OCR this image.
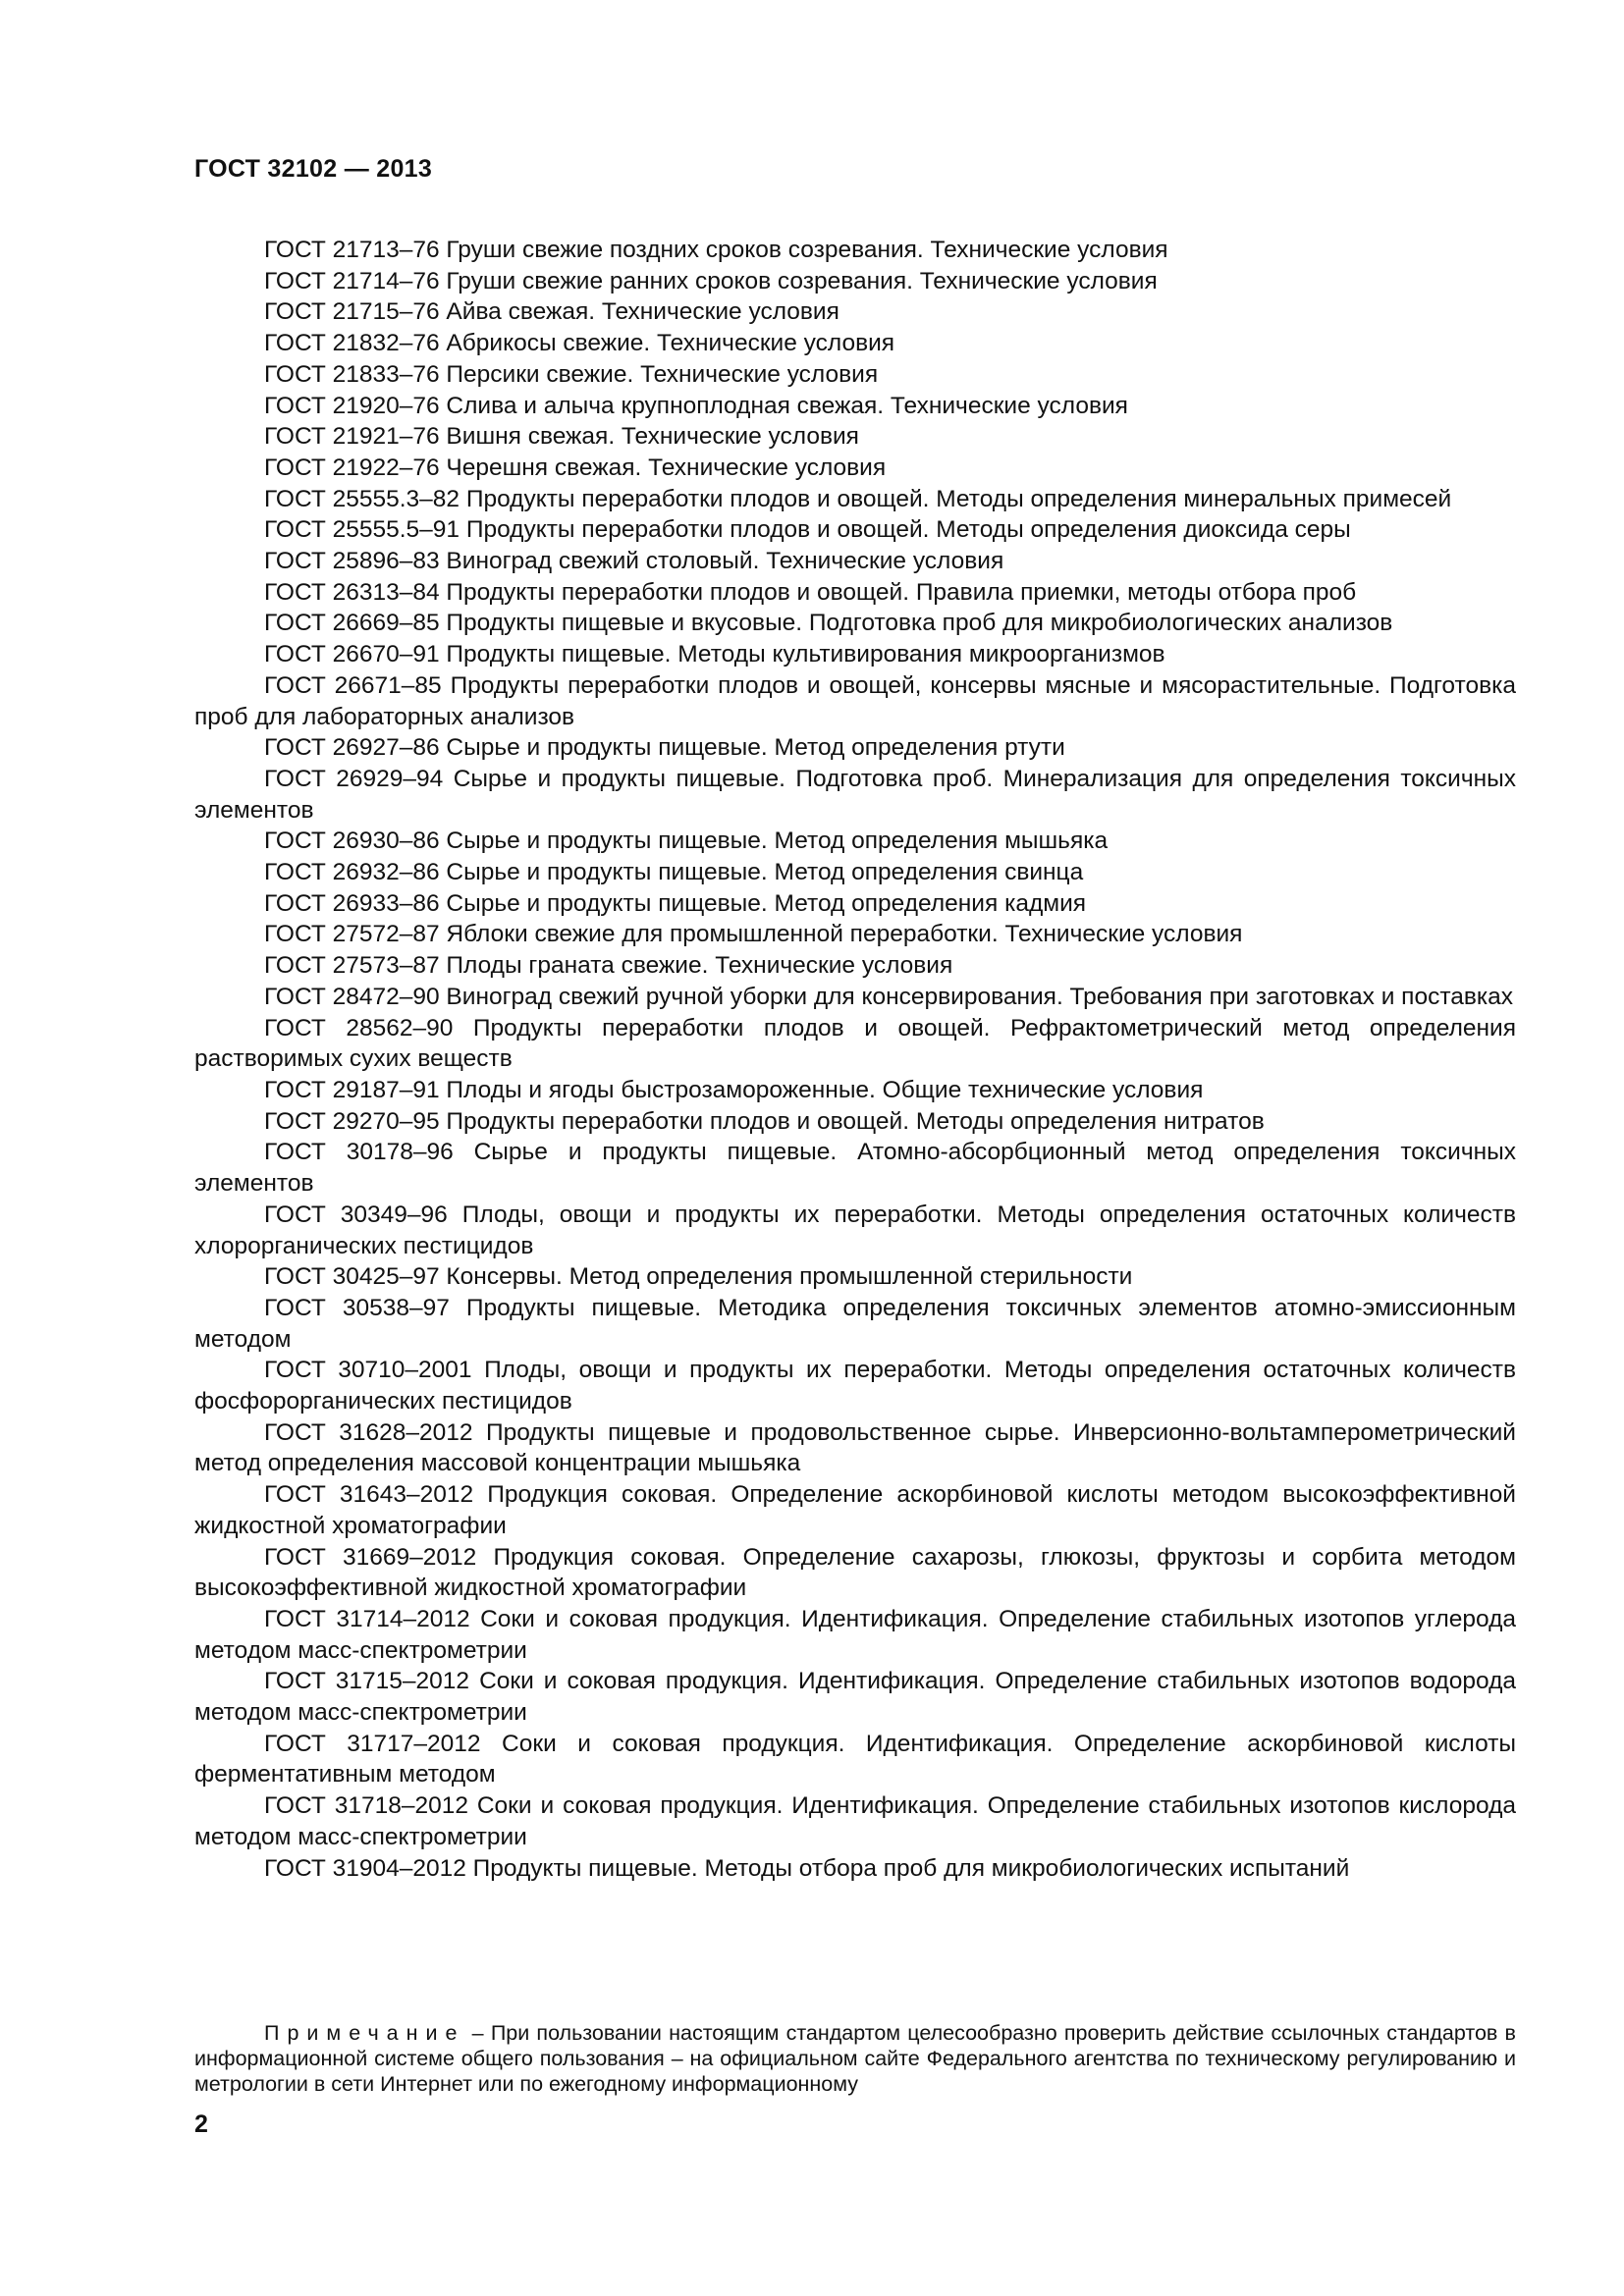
ГОСТ 32102 — 2013

ГОСТ 21713–76 Груши свежие поздних сроков созревания. Технические условия

ГОСТ 21714–76 Груши свежие ранних сроков созревания. Технические условия

ГОСТ 21715–76 Айва свежая. Технические условия

ГОСТ 21832–76 Абрикосы свежие. Технические условия

ГОСТ 21833–76 Персики свежие. Технические условия

ГОСТ 21920–76 Слива и алыча крупноплодная свежая. Технические условия

ГОСТ 21921–76 Вишня свежая. Технические условия

ГОСТ 21922–76 Черешня свежая. Технические условия

ГОСТ 25555.3–82 Продукты переработки плодов и овощей. Методы определения минеральных примесей

ГОСТ 25555.5–91 Продукты переработки плодов и овощей. Методы определения диоксида серы

ГОСТ 25896–83 Виноград свежий столовый. Технические условия

ГОСТ 26313–84 Продукты переработки плодов и овощей. Правила приемки, методы отбора проб

ГОСТ 26669–85 Продукты пищевые и вкусовые. Подготовка проб для микробиологических анализов

ГОСТ 26670–91 Продукты пищевые. Методы культивирования микроорганизмов

ГОСТ 26671–85 Продукты переработки плодов и овощей, консервы мясные и мясорастительные. Подготовка проб для лабораторных анализов

ГОСТ 26927–86 Сырье и продукты пищевые. Метод определения ртути

ГОСТ 26929–94 Сырье и продукты пищевые. Подготовка проб. Минерализация для определения токсичных элементов

ГОСТ 26930–86 Сырье и продукты пищевые. Метод определения мышьяка

ГОСТ 26932–86 Сырье и продукты пищевые. Метод определения свинца

ГОСТ 26933–86 Сырье и продукты пищевые. Метод определения кадмия

ГОСТ 27572–87 Яблоки свежие для промышленной переработки. Технические условия

ГОСТ 27573–87 Плоды граната свежие. Технические условия

ГОСТ 28472–90 Виноград свежий ручной уборки для консервирования. Требования при заготовках и поставках

ГОСТ 28562–90 Продукты переработки плодов и овощей. Рефрактометрический метод определения растворимых сухих веществ

ГОСТ 29187–91 Плоды и ягоды быстрозамороженные. Общие технические условия

ГОСТ 29270–95 Продукты переработки плодов и овощей. Методы определения нитратов

ГОСТ 30178–96 Сырье и продукты пищевые. Атомно-абсорбционный метод определения токсичных элементов

ГОСТ 30349–96 Плоды, овощи и продукты их переработки. Методы определения остаточных количеств хлорорганических пестицидов

ГОСТ 30425–97 Консервы. Метод определения промышленной стерильности

ГОСТ 30538–97 Продукты пищевые. Методика определения токсичных элементов атомно-эмиссионным методом

ГОСТ 30710–2001 Плоды, овощи и продукты их переработки. Методы определения остаточных количеств фосфорорганических пестицидов

ГОСТ 31628–2012 Продукты пищевые и продовольственное сырье. Инверсионно-вольтамперометрический метод определения массовой концентрации мышьяка

ГОСТ 31643–2012 Продукция соковая. Определение аскорбиновой кислоты методом высокоэффективной жидкостной хроматографии

ГОСТ 31669–2012 Продукция соковая. Определение сахарозы, глюкозы, фруктозы и сорбита методом высокоэффективной жидкостной хроматографии

ГОСТ 31714–2012 Соки и соковая продукция. Идентификация. Определение стабильных изотопов углерода методом масс-спектрометрии

ГОСТ 31715–2012 Соки и соковая продукция. Идентификация. Определение стабильных изотопов водорода методом масс-спектрометрии

ГОСТ 31717–2012 Соки и соковая продукция. Идентификация. Определение аскорбиновой кислоты ферментативным методом

ГОСТ 31718–2012 Соки и соковая продукция. Идентификация. Определение стабильных изотопов кислорода методом масс-спектрометрии

ГОСТ 31904–2012 Продукты пищевые. Методы отбора проб для микробиологических испытаний

Примечание – При пользовании настоящим стандартом целесообразно проверить действие ссылочных стандартов в информационной системе общего пользования – на официальном сайте Федерального агентства по техническому регулированию и метрологии в сети Интернет или по ежегодному информационному

2
